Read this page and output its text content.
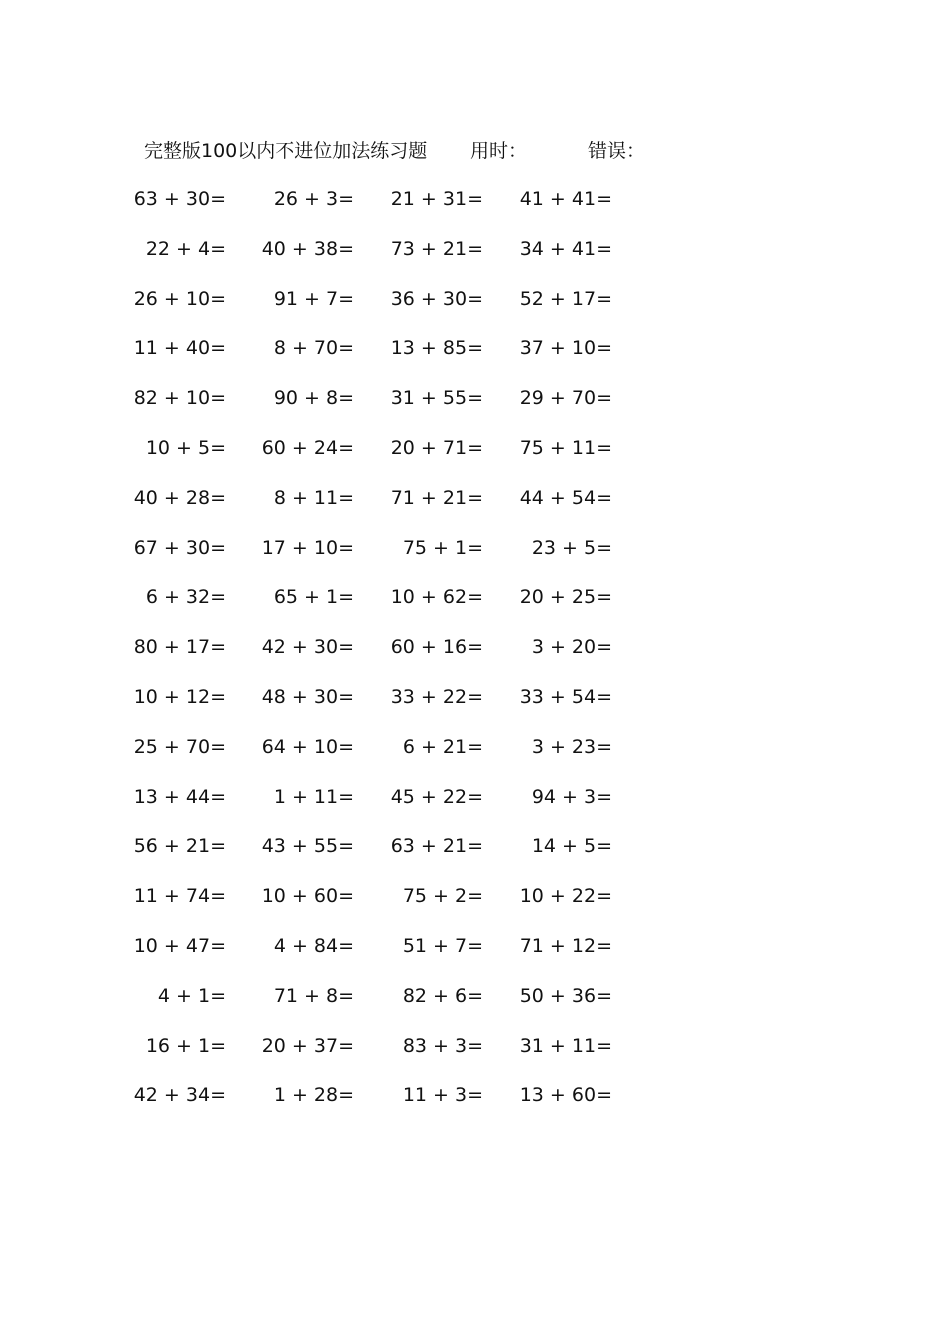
完整版100以内不进位加法练习题 用时：	错误：
63 + 30=	26 + 3=	21 + 31=	41 + 41=
22 + 4=	40 + 38=	73 + 21=	34 + 41=
26 + 10=	91 + 7=	36 + 30=	52 + 17=
11 + 40=	8 + 70=	13 + 85=	37 + 10=
82 + 10=	90 + 8=	31 + 55=	29 + 70=
10 + 5=	60 + 24=	20 + 71=	75 + 11=
40 + 28=	8 + 11=	71 + 21=	44 + 54=
67 + 30=	17 + 10=	75 + 1=	23 + 5=
6 + 32=	65 + 1=	10 + 62=	20 + 25=
80 + 17=	42 + 30=	60 + 16=	3 + 20=
10 + 12=	48 + 30=	33 + 22=	33 + 54=
25 + 70=	64 + 10=	6 + 21=	3 + 23=
13 + 44=	1 + 11=	45 + 22=	94 + 3=
56 + 21=	43 + 55=	63 + 21=	14 + 5=
11 + 74=	10 + 60=	75 + 2=	10 + 22=
10 + 47=	4 + 84=	51 + 7=	71 + 12=
4 + 1=	71 + 8=	82 + 6=	50 + 36=
16 + 1=	20 + 37=	83 + 3=	31 + 11=
42 + 34=	1 + 28=	11 + 3=	13 + 60=
